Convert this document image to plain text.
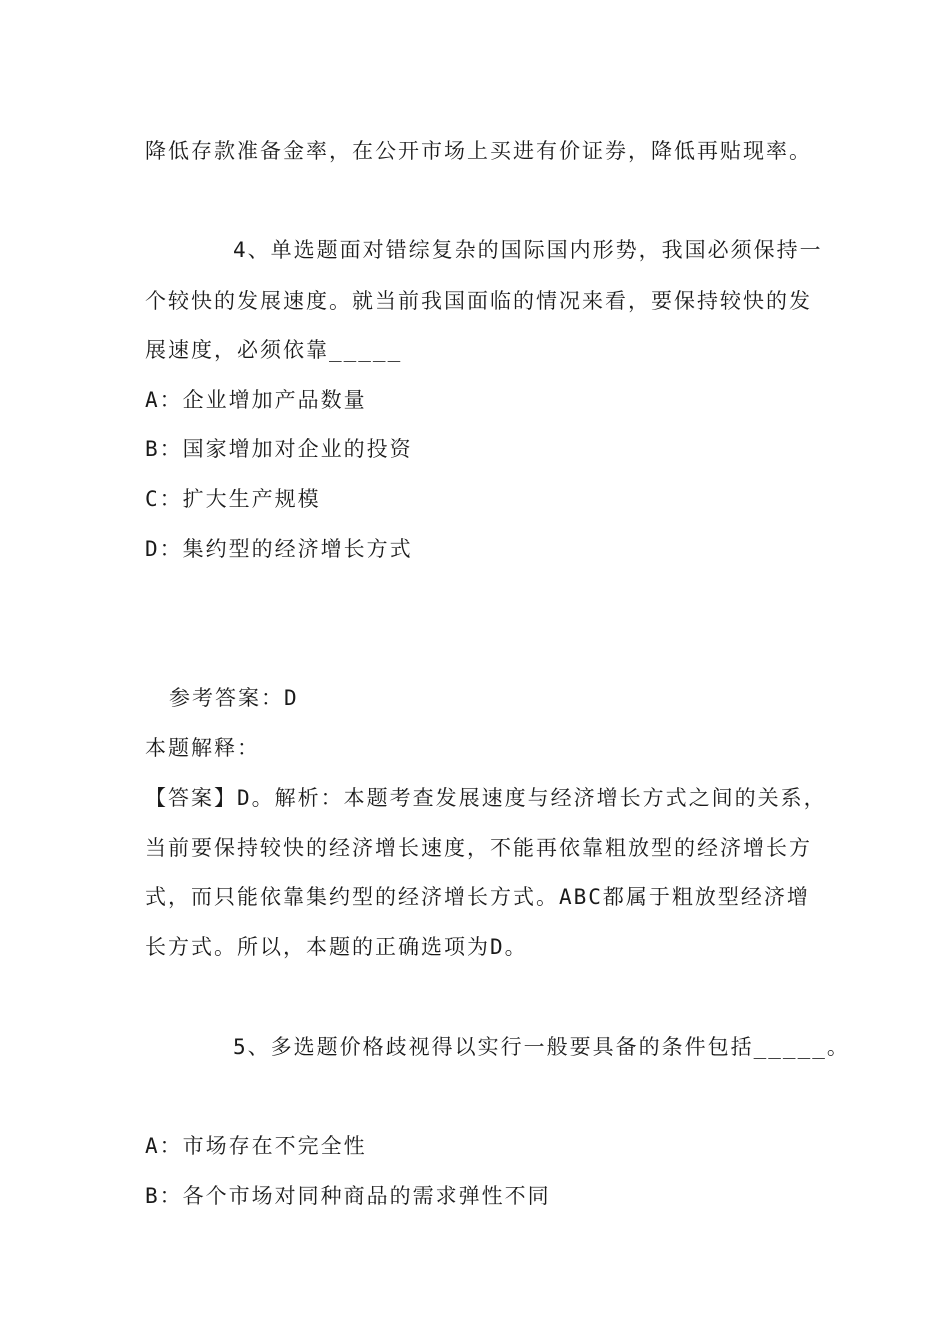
降低存款准备金率，在公开市场上买进有价证券，降低再贴现率。
4、单选题面对错综复杂的国际国内形势，我国必须保持一
个较快的发展速度。就当前我国面临的情况来看，要保持较快的发
展速度，必须依靠_____
A：企业增加产品数量
B：国家增加对企业的投资
C：扩大生产规模
D：集约型的经济增长方式
参考答案：D
本题解释：
【答案】D。解析：本题考查发展速度与经济增长方式之间的关系，
当前要保持较快的经济增长速度，不能再依靠粗放型的经济增长方
式，而只能依靠集约型的经济增长方式。ABC都属于粗放型经济增
长方式。所以，本题的正确选项为D。
5、多选题价格歧视得以实行一般要具备的条件包括_____。
A：市场存在不完全性
B：各个市场对同种商品的需求弹性不同
